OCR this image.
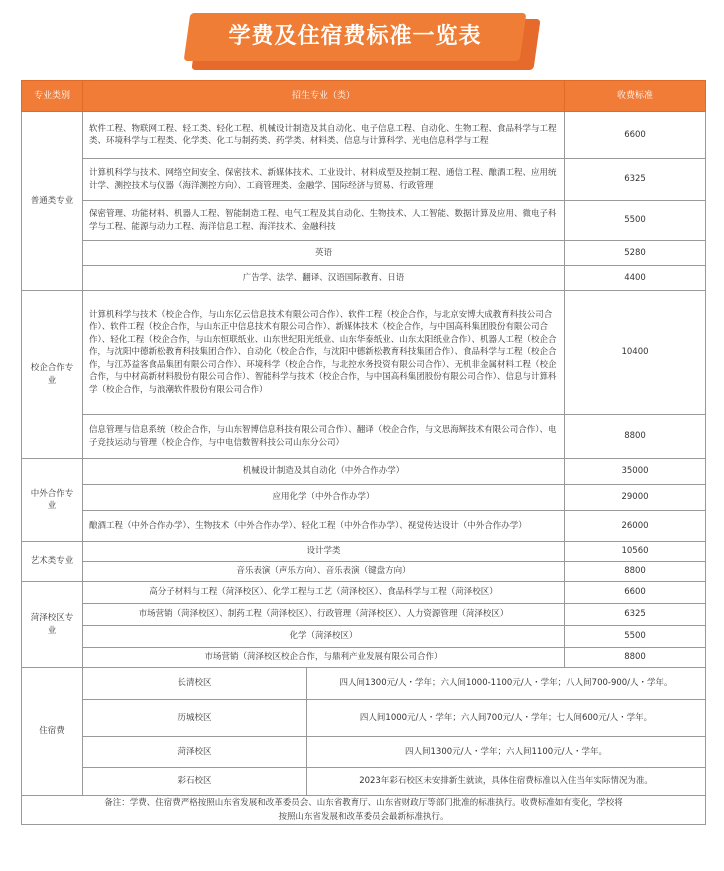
学费及住宿费标准一览表
专业类别	招生专业（类）		收费标准
普通类专业	软件工程、物联网工程、轻工类、轻化工程、机械设计制造及其自动化、电子信息工程、自动化、生物工程、食品科学与工程类、环境科学与工程类、化学类、化工与制药类、药学类、材料类、信息与计算科学、光电信息科学与工程		6600
	计算机科学与技术、网络空间安全、保密技术、新媒体技术、工业设计、材料成型及控制工程、通信工程、酿酒工程、应用统计学、测控技术与仪器（海洋测控方向）、工商管理类、金融学、国际经济与贸易、行政管理		6325
	保密管理、功能材料、机器人工程、智能制造工程、电气工程及其自动化、生物技术、人工智能、数据计算及应用、微电子科学与工程、能源与动力工程、海洋信息工程、海洋技术、金融科技		5500
	英语		5280
	广告学、法学、翻译、汉语国际教育、日语		4400
校企合作专业	计算机科学与技术（校企合作，与山东亿云信息技术有限公司合作）、软件工程（校企合作，与北京安博大成教育科技公司合作）、软件工程（校企合作，与山东正中信息技术有限公司合作）、新媒体技术（校企合作，与中国高科集团股份有限公司合作）、轻化工程（校企合作，与山东恒联纸业、山东世纪阳光纸业、山东华泰纸业、山东太阳纸业合作）、机器人工程（校企合作，与沈阳中德新松教育科技集团合作）、自动化（校企合作，与沈阳中德新松教育科技集团合作）、食品科学与工程（校企合作，与江苏益客食品集团有限公司合作）、环境科学（校企合作，与北控水务投资有限公司合作）、无机非金属材料工程（校企合作，与中材高新材料股份有限公司合作）、智能科学与技术（校企合作，与中国高科集团股份有限公司合作）、信息与计算科学（校企合作，与浪潮软件股份有限公司合作）		10400
	信息管理与信息系统（校企合作，与山东智博信息科技有限公司合作）、翻译（校企合作，与文思海辉技术有限公司合作）、电子竞技运动与管理（校企合作，与中电信数智科技公司山东分公司）		8800
中外合作专业	机械设计制造及其自动化（中外合作办学）		35000
	应用化学（中外合作办学）		29000
	酿酒工程（中外合作办学）、生物技术（中外合作办学）、轻化工程（中外合作办学）、视觉传达设计（中外合作办学）		26000
艺术类专业	设计学类		10560
	音乐表演（声乐方向）、音乐表演（键盘方向）		8800
菏泽校区专业	高分子材料与工程（菏泽校区）、化学工程与工艺（菏泽校区）、食品科学与工程（菏泽校区）		6600
	市场营销（菏泽校区）、制药工程（菏泽校区）、行政管理（菏泽校区）、人力资源管理（菏泽校区）		6325
	化学（菏泽校区）		5500
	市场营销（菏泽校区校企合作，与鼎利产业发展有限公司合作）		8800
住宿费	长清校区	四人间1300元/人・学年；六人间1000-1100元/人・学年；八人间700-900/人・学年。	
	历城校区	四人间1000元/人・学年；六人间700元/人・学年；七人间600元/人・学年。	
	菏泽校区	四人间1300元/人・学年；六人间1100元/人・学年。	
	彩石校区	2023年彩石校区未安排新生就读，具体住宿费标准以入住当年实际情况为准。	

备注：学费、住宿费严格按照山东省发展和改革委员会、山东省教育厅、山东省财政厅等部门批准的标准执行。收费标准如有变化，学校将
按照山东省发展和改革委员会最新标准执行。			
